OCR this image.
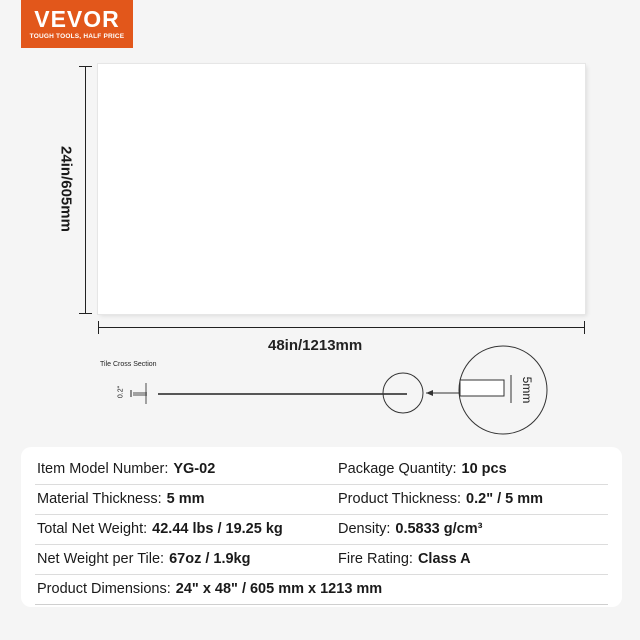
VEVOR
TOUGH TOOLS, HALF PRICE
24in/605mm
48in/1213mm
Tile Cross Section
0.2"	5mm
Item Model Number: YG-02	Package Quantity: 10 pcs
Material Thickness: 5 mm	Product Thickness: 0.2" / 5 mm
Total Net Weight: 42.44 lbs / 19.25 kg	Density: 0.5833 g/cm³
Net Weight per Tile: 67oz / 1.9kg	Fire Rating: Class A
Product Dimensions: 24" x 48" / 605 mm x 1213 mm
